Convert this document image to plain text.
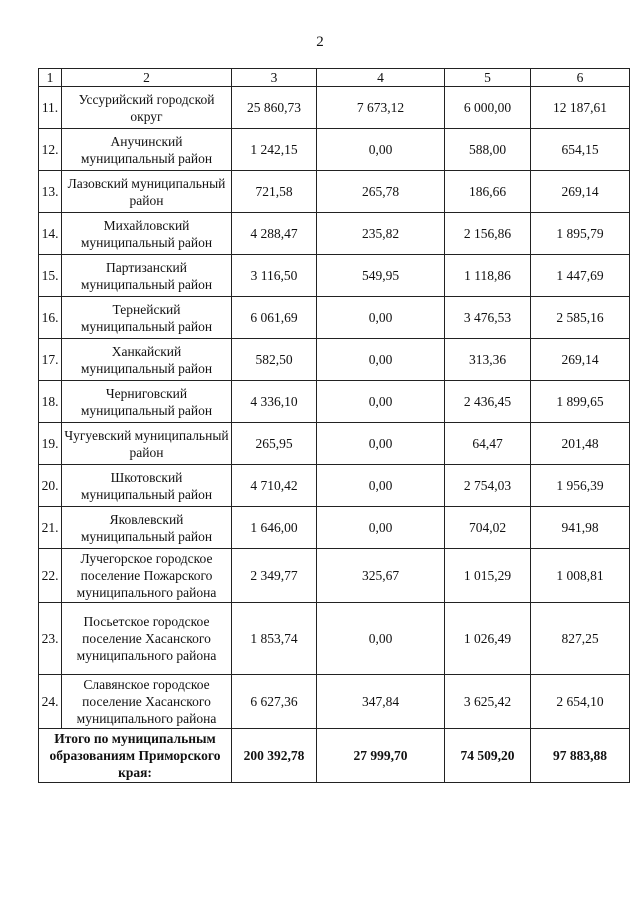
2
1	2	3	4	5	6
11.	Уссурийский городской округ	25 860,73	7 673,12	6 000,00	12 187,61
12.	Анучинский муниципальный район	1 242,15	0,00	588,00	654,15
13.	Лазовский муниципальный район	721,58	265,78	186,66	269,14
14.	Михайловский муниципальный район	4 288,47	235,82	2 156,86	1 895,79
15.	Партизанский муниципальный район	3 116,50	549,95	1 118,86	1 447,69
16.	Тернейский муниципальный район	6 061,69	0,00	3 476,53	2 585,16
17.	Ханкайский муниципальный район	582,50	0,00	313,36	269,14
18.	Черниговский муниципальный район	4 336,10	0,00	2 436,45	1 899,65
19.	Чугуевский муниципальный район	265,95	0,00	64,47	201,48
20.	Шкотовский муниципальный район	4 710,42	0,00	2 754,03	1 956,39
21.	Яковлевский муниципальный район	1 646,00	0,00	704,02	941,98
22.	Лучегорское городское поселение Пожарского муниципального района	2 349,77	325,67	1 015,29	1 008,81
23.	Посьетское городское поселение Хасанского муниципального района	1 853,74	0,00	1 026,49	827,25
24.	Славянское городское поселение Хасанского муниципального района	6 627,36	347,84	3 625,42	2 654,10
Итого по муниципальным образованиям Приморского края:		200 392,78	27 999,70	74 509,20	97 883,88
